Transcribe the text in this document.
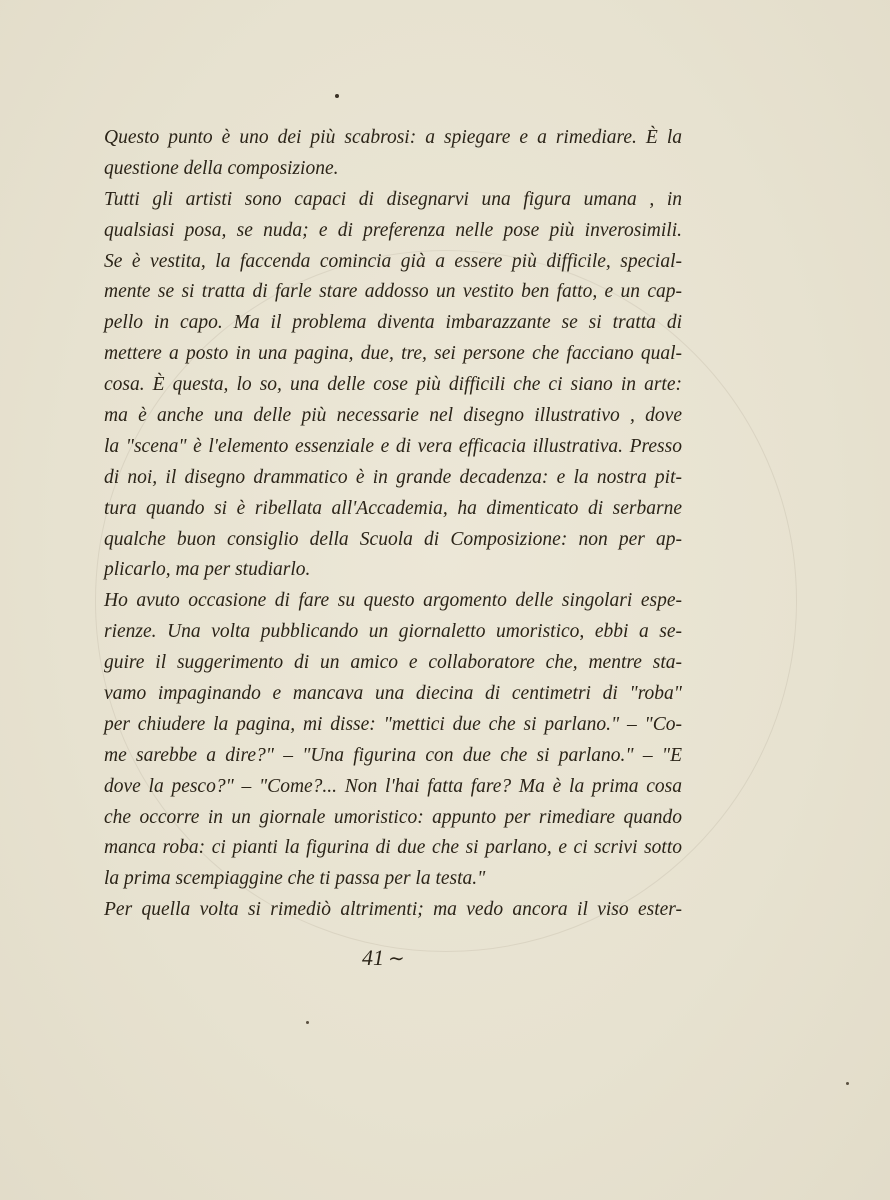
Questo punto è uno dei più scabrosi: a spiegare e a rimediare. È la
questione della composizione.
Tutti gli artisti sono capaci di disegnarvi una figura umana , in
qualsiasi posa, se nuda; e di preferenza nelle pose più inverosimili.
Se è vestita, la faccenda comincia già a essere più difficile, special-
mente se si tratta di farle stare addosso un vestito ben fatto, e un cap-
pello in capo. Ma il problema diventa imbarazzante se si tratta di
mettere a posto in una pagina, due, tre, sei persone che facciano qual-
cosa. È questa, lo so, una delle cose più difficili che ci siano in arte:
ma è anche una delle più necessarie nel disegno illustrativo , dove
la "scena" è l'elemento essenziale e di vera efficacia illustrativa. Presso
di noi, il disegno drammatico è in grande decadenza: e la nostra pit-
tura quando si è ribellata all'Accademia, ha dimenticato di serbarne
qualche buon consiglio della Scuola di Composizione: non per ap-
plicarlo, ma per studiarlo.
Ho avuto occasione di fare su questo argomento delle singolari espe-
rienze. Una volta pubblicando un giornaletto umoristico, ebbi a se-
guire il suggerimento di un amico e collaboratore che, mentre sta-
vamo impaginando e mancava una diecina di centimetri di "roba"
per chiudere la pagina, mi disse: "mettici due che si parlano." – "Co-
me sarebbe a dire?" – "Una figurina con due che si parlano." – "E
dove la pesco?" – "Come?... Non l'hai fatta fare? Ma è la prima cosa
che occorre in un giornale umoristico: appunto per rimediare quando
manca roba: ci pianti la figurina di due che si parlano, e ci scrivi sotto
la prima scempiaggine che ti passa per la testa."
Per quella volta si rimediò altrimenti; ma vedo ancora il viso ester-
41 ∼
